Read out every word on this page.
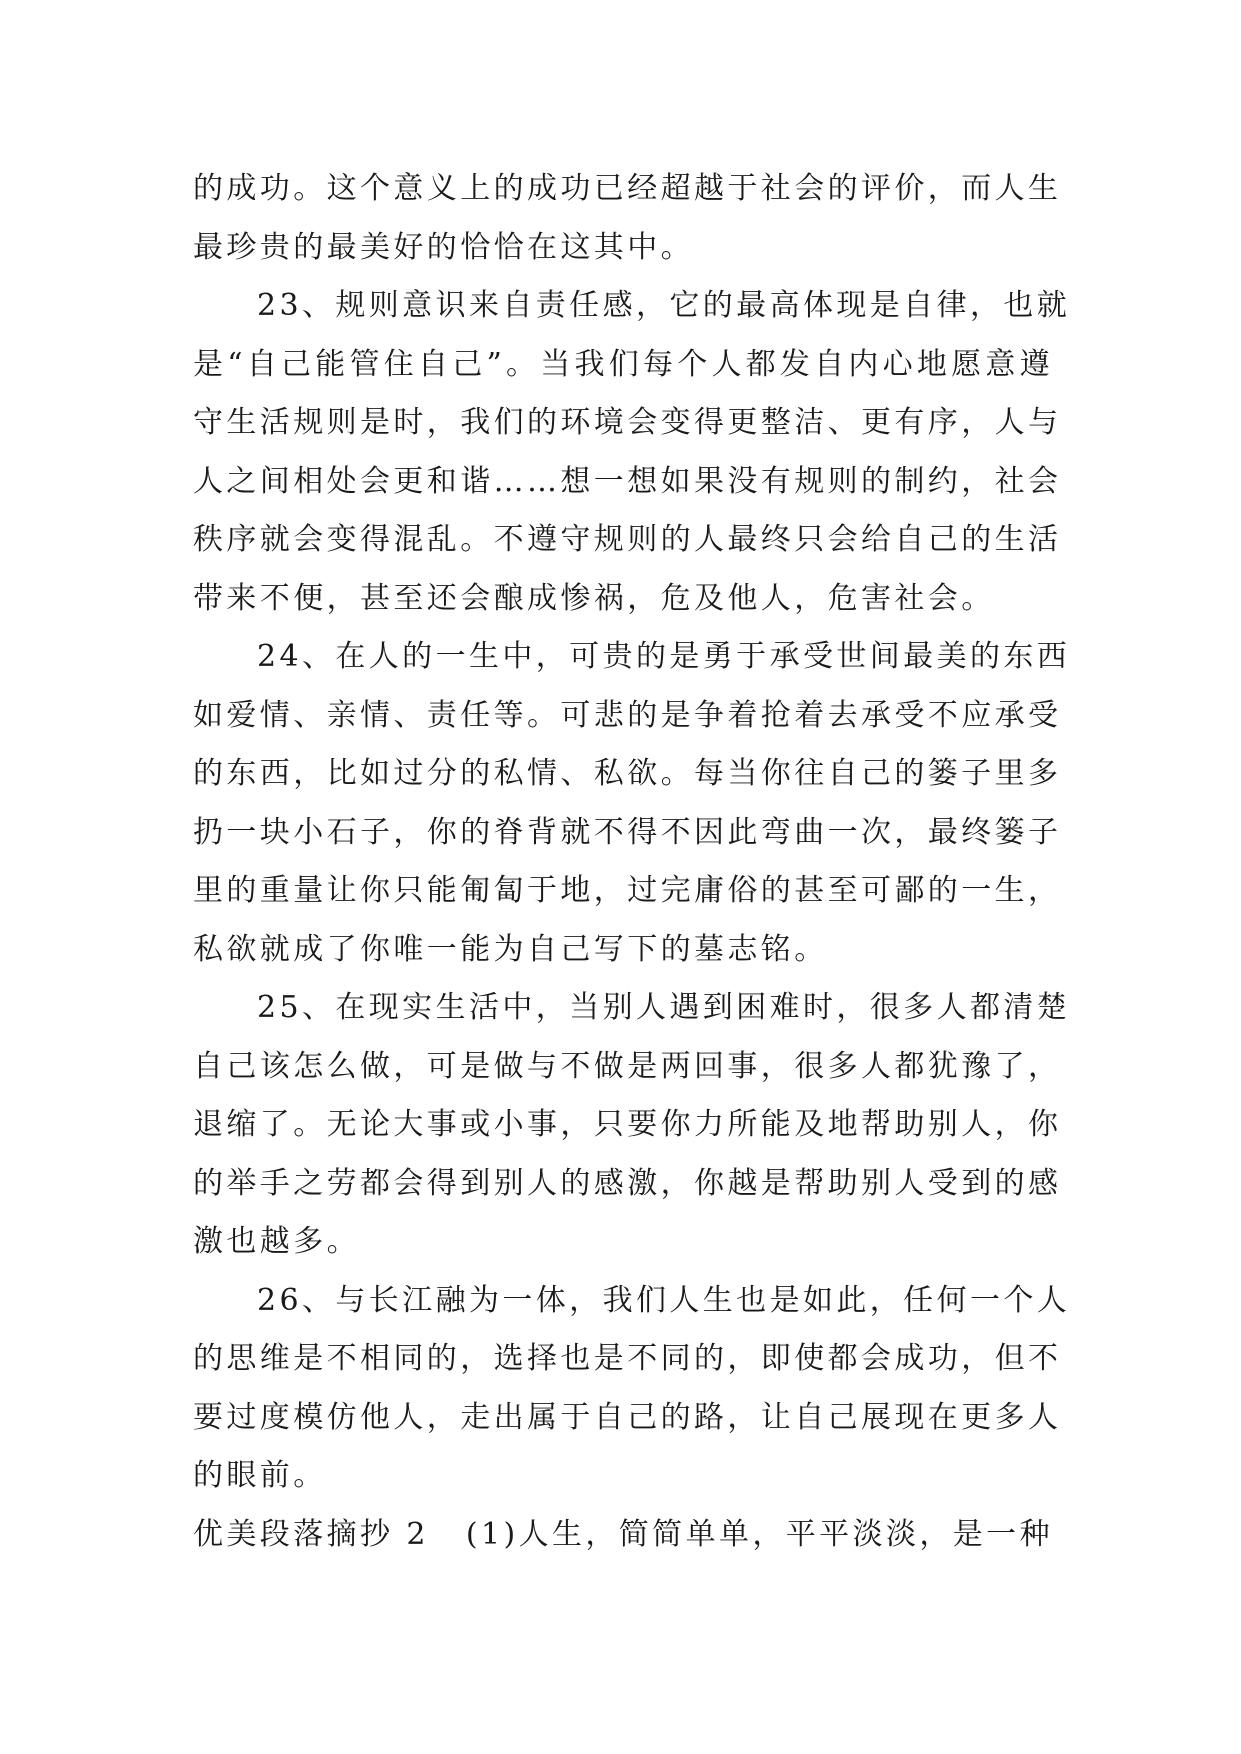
的成功。这个意义上的成功已经超越于社会的评价，而人生
最珍贵的最美好的恰恰在这其中。
23、规则意识来自责任感，它的最高体现是自律，也就
是“自己能管住自己”。当我们每个人都发自内心地愿意遵
守生活规则是时，我们的环境会变得更整洁、更有序，人与
人之间相处会更和谐……想一想如果没有规则的制约，社会
秩序就会变得混乱。不遵守规则的人最终只会给自己的生活
带来不便，甚至还会酿成惨祸，危及他人，危害社会。
24、在人的一生中，可贵的是勇于承受世间最美的东西
如爱情、亲情、责任等。可悲的是争着抢着去承受不应承受
的东西，比如过分的私情、私欲。每当你往自己的篓子里多
扔一块小石子，你的脊背就不得不因此弯曲一次，最终篓子
里的重量让你只能匍匐于地，过完庸俗的甚至可鄙的一生，
私欲就成了你唯一能为自己写下的墓志铭。
25、在现实生活中，当别人遇到困难时，很多人都清楚
自己该怎么做，可是做与不做是两回事，很多人都犹豫了，
退缩了。无论大事或小事，只要你力所能及地帮助别人，你
的举手之劳都会得到别人的感激，你越是帮助别人受到的感
激也越多。
26、与长江融为一体，我们人生也是如此，任何一个人
的思维是不相同的，选择也是不同的，即使都会成功，但不
要过度模仿他人，走出属于自己的路，让自己展现在更多人
的眼前。
优美段落摘抄 2	(1)人生，简简单单，平平淡淡，是一种
